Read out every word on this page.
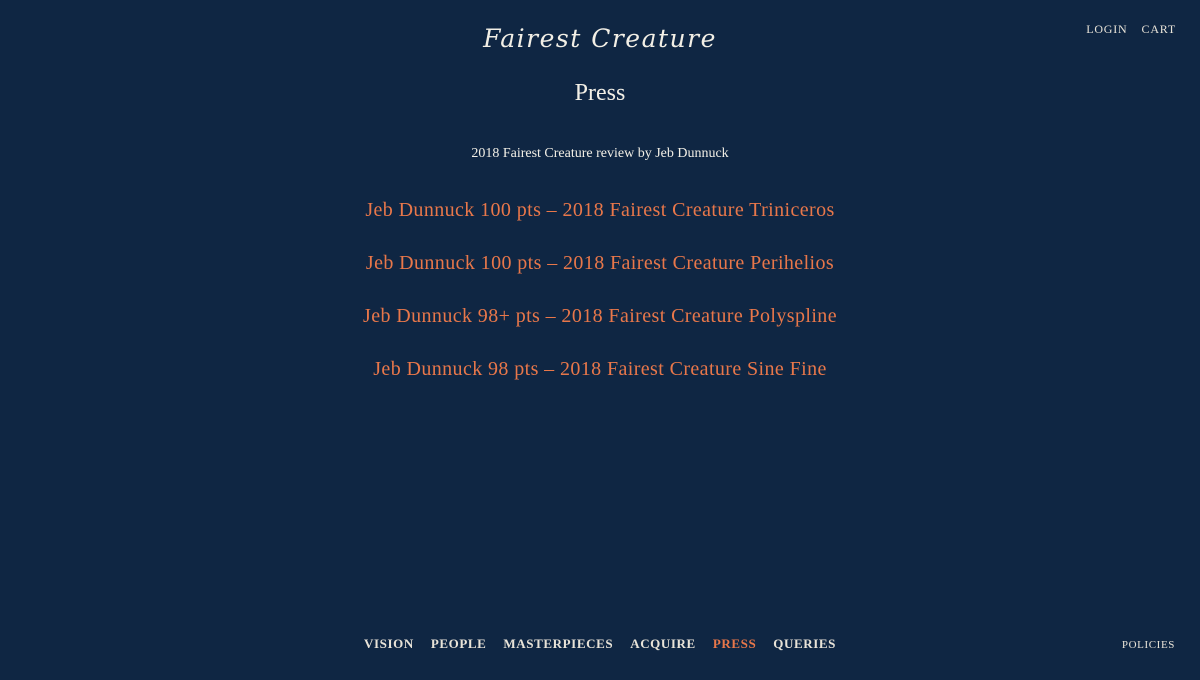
Fairest Creature	LOGIN CART
Press
2018 Fairest Creature review by Jeb Dunnuck
Jeb Dunnuck 100 pts – 2018 Fairest Creature Triniceros
Jeb Dunnuck 100 pts – 2018 Fairest Creature Perihelios
Jeb Dunnuck 98+ pts – 2018 Fairest Creature Polyspline
Jeb Dunnuck 98 pts – 2018 Fairest Creature Sine Fine
VISION PEOPLE MASTERPIECES ACQUIRE PRESS QUERIES	POLICIES
